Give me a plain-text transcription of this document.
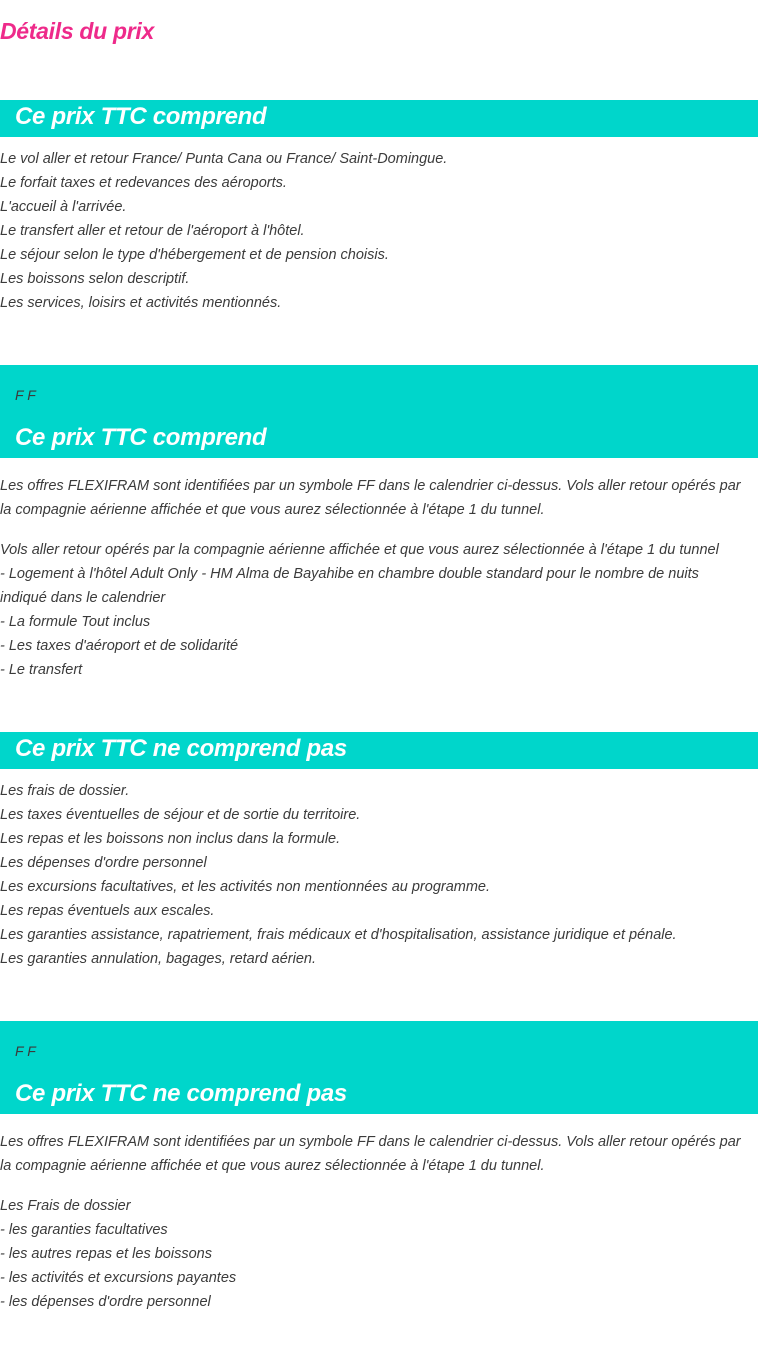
Détails du prix
Ce prix TTC comprend
Le vol aller et retour France/ Punta Cana ou France/ Saint-Domingue.
Le forfait taxes et redevances des aéroports.
L'accueil à l'arrivée.
Le transfert aller et retour de l'aéroport à l'hôtel.
Le séjour selon le type d'hébergement et de pension choisis.
Les boissons selon descriptif.
Les services, loisirs et activités mentionnés.
F F
Ce prix TTC comprend

Les offres FLEXIFRAM sont identifiées par un symbole FF dans le calendrier ci-dessus. Vols aller retour opérés par la compagnie aérienne affichée et que vous aurez sélectionnée à l'étape 1 du tunnel.

Vols aller retour opérés par la compagnie aérienne affichée et que vous aurez sélectionnée à l'étape 1 du tunnel
- Logement à l'hôtel Adult Only - HM Alma de Bayahibe en chambre double standard pour le nombre de nuits indiqué dans le calendrier
- La formule Tout inclus
- Les taxes d'aéroport et de solidarité
- Le transfert
Ce prix TTC ne comprend pas
Les frais de dossier.
Les taxes éventuelles de séjour et de sortie du territoire.
Les repas et les boissons non inclus dans la formule.
Les dépenses d'ordre personnel
Les excursions facultatives, et les activités non mentionnées au programme.
Les repas éventuels aux escales.
Les garanties assistance, rapatriement, frais médicaux et d'hospitalisation, assistance juridique et pénale.
Les garanties annulation, bagages, retard aérien.
F F
Ce prix TTC ne comprend pas

Les offres FLEXIFRAM sont identifiées par un symbole FF dans le calendrier ci-dessus. Vols aller retour opérés par la compagnie aérienne affichée et que vous aurez sélectionnée à l'étape 1 du tunnel.

Les Frais de dossier
- les garanties facultatives
- les autres repas et les boissons
- les activités et excursions payantes
- les dépenses d'ordre personnel
